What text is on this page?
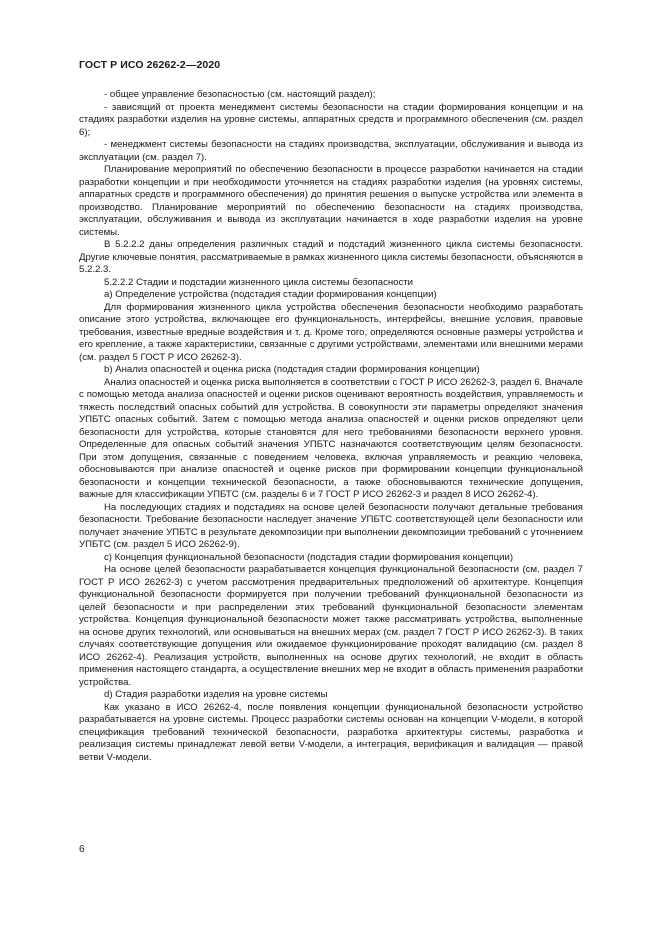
ГОСТ Р ИСО 26262-2—2020

- общее управление безопасностью (см. настоящий раздел);

- зависящий от проекта менеджмент системы безопасности на стадии формирования концепции и на стадиях разработки изделия на уровне системы, аппаратных средств и программного обеспечения (см. раздел 6);

- менеджмент системы безопасности на стадиях производства, эксплуатации, обслуживания и вывода из эксплуатации (см. раздел 7).

Планирование мероприятий по обеспечению безопасности в процессе разработки начинается на стадии разработки концепции и при необходимости уточняется на стадиях разработки изделия (на уровнях системы, аппаратных средств и программного обеспечения) до принятия решения о выпуске устройства или элемента в производство. Планирование мероприятий по обеспечению безопасности на стадиях производства, эксплуатации, обслуживания и вывода из эксплуатации начинается в ходе разработки изделия на уровне системы.

В 5.2.2.2 даны определения различных стадий и подстадий жизненного цикла системы безопасности. Другие ключевые понятия, рассматриваемые в рамках жизненного цикла системы безопасности, объясняются в 5.2.2.3.

5.2.2.2 Стадии и подстадии жизненного цикла системы безопасности

a) Определение устройства (подстадия стадии формирования концепции)

Для формирования жизненного цикла устройства обеспечения безопасности необходимо разработать описание этого устройства, включающее его функциональность, интерфейсы, внешние условия, правовые требования, известные вредные воздействия и т. д. Кроме того, определяются основные размеры устройства и его крепление, а также характеристики, связанные с другими устройствами, элементами или внешними мерами (см. раздел 5 ГОСТ Р ИСО 26262-3).

b) Анализ опасностей и оценка риска (подстадия стадии формирования концепции)

Анализ опасностей и оценка риска выполняется в соответствии с ГОСТ Р ИСО 26262-3, раздел 6. Вначале с помощью метода анализа опасностей и оценки рисков оценивают вероятность воздействия, управляемость и тяжесть последствий опасных событий для устройства. В совокупности эти параметры определяют значения УПБТС опасных событий. Затем с помощью метода анализа опасностей и оценки рисков определяют цели безопасности для устройства, которые становятся для него требованиями безопасности верхнего уровня. Определенные для опасных событий значения УПБТС назначаются соответствующим целям безопасности. При этом допущения, связанные с поведением человека, включая управляемость и реакцию человека, обосновываются при анализе опасностей и оценке рисков при формировании концепции функциональной безопасности и концепции технической безопасности, а также обосновываются технические допущения, важные для классификации УПБТС (см. разделы 6 и 7 ГОСТ Р ИСО 26262-3 и раздел 8 ИСО 26262-4).

На последующих стадиях и подстадиях на основе целей безопасности получают детальные требования безопасности. Требование безопасности наследует значение УПБТС соответствующей цели безопасности или получает значение УПБТС в результате декомпозиции при выполнении декомпозиции требований с уточнением УПБТС (см. раздел 5 ИСО 26262-9).

c) Концепция функциональной безопасности (подстадия стадии формирования концепции)

На основе целей безопасности разрабатывается концепция функциональной безопасности (см. раздел 7 ГОСТ Р ИСО 26262-3) с учетом рассмотрения предварительных предположений об архитектуре. Концепция функциональной безопасности формируется при получении требований функциональной безопасности из целей безопасности и при распределении этих требований функциональной безопасности элементам устройства. Концепция функциональной безопасности может также рассматривать устройства, выполненные на основе других технологий, или основываться на внешних мерах (см. раздел 7 ГОСТ Р ИСО 26262-3). В таких случаях соответствующие допущения или ожидаемое функционирование проходят валидацию (см. раздел 8 ИСО 26262-4). Реализация устройств, выполненных на основе других технологий, не входит в область применения настоящего стандарта, а осуществление внешних мер не входит в область применения разработки устройства.

d) Стадия разработки изделия на уровне системы

Как указано в ИСО 26262-4, после появления концепции функциональной безопасности устройство разрабатывается на уровне системы. Процесс разработки системы основан на концепции V-модели, в которой спецификация требований технической безопасности, разработка архитектуры системы, разработка и реализация системы принадлежат левой ветви V-модели, а интеграция, верификация и валидация — правой ветви V-модели.

6
